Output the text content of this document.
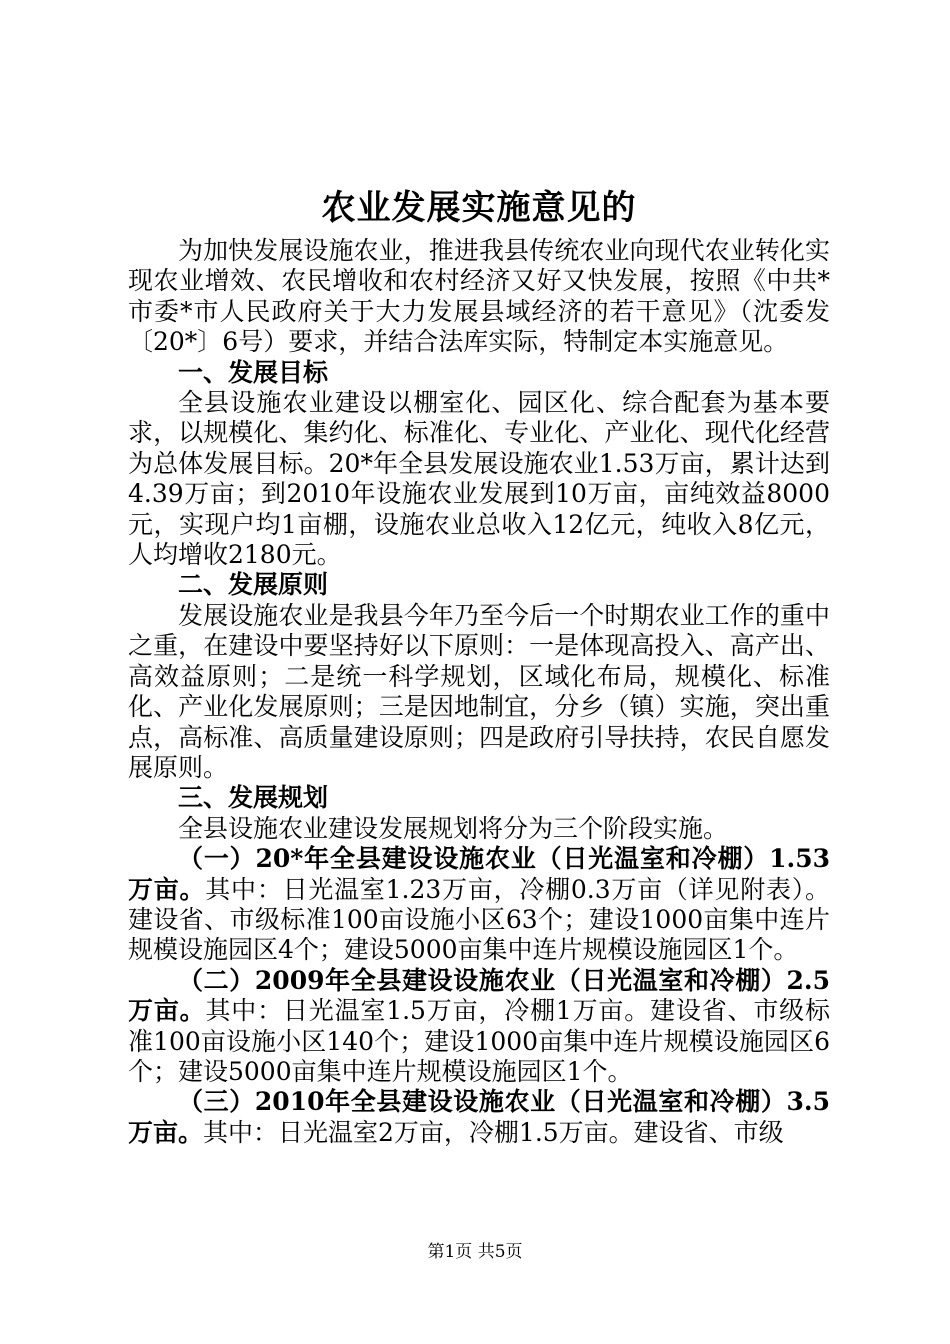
农业发展实施意见的

为加快发展设施农业，推进我县传统农业向现代农业转化实现农业增效、农民增收和农村经济又好又快发展，按照《中共*市委*市人民政府关于大力发展县域经济的若干意见》（沈委发〔20*〕6号）要求，并结合法库实际，特制定本实施意见。

一、发展目标

全县设施农业建设以棚室化、园区化、综合配套为基本要求，以规模化、集约化、标准化、专业化、产业化、现代化经营为总体发展目标。20*年全县发展设施农业1.53万亩，累计达到4.39万亩；到2010年设施农业发展到10万亩，亩纯效益8000元，实现户均1亩棚，设施农业总收入12亿元，纯收入8亿元，人均增收2180元。

二、发展原则

发展设施农业是我县今年乃至今后一个时期农业工作的重中之重，在建设中要坚持好以下原则：一是体现高投入、高产出、高效益原则；二是统一科学规划，区域化布局，规模化、标准化、产业化发展原则；三是因地制宜，分乡（镇）实施，突出重点，高标准、高质量建设原则；四是政府引导扶持，农民自愿发展原则。

三、发展规划

全县设施农业建设发展规划将分为三个阶段实施。

（一）20*年全县建设设施农业（日光温室和冷棚）1.53万亩。其中：日光温室1.23万亩，冷棚0.3万亩（详见附表）。建设省、市级标准100亩设施小区63个；建设1000亩集中连片规模设施园区4个；建设5000亩集中连片规模设施园区1个。

（二）2009年全县建设设施农业（日光温室和冷棚）2.5万亩。其中：日光温室1.5万亩，冷棚1万亩。建设省、市级标准100亩设施小区140个；建设1000亩集中连片规模设施园区6个；建设5000亩集中连片规模设施园区1个。

（三）2010年全县建设设施农业（日光温室和冷棚）3.5万亩。其中：日光温室2万亩，冷棚1.5万亩。建设省、市级

第1页 共5页
